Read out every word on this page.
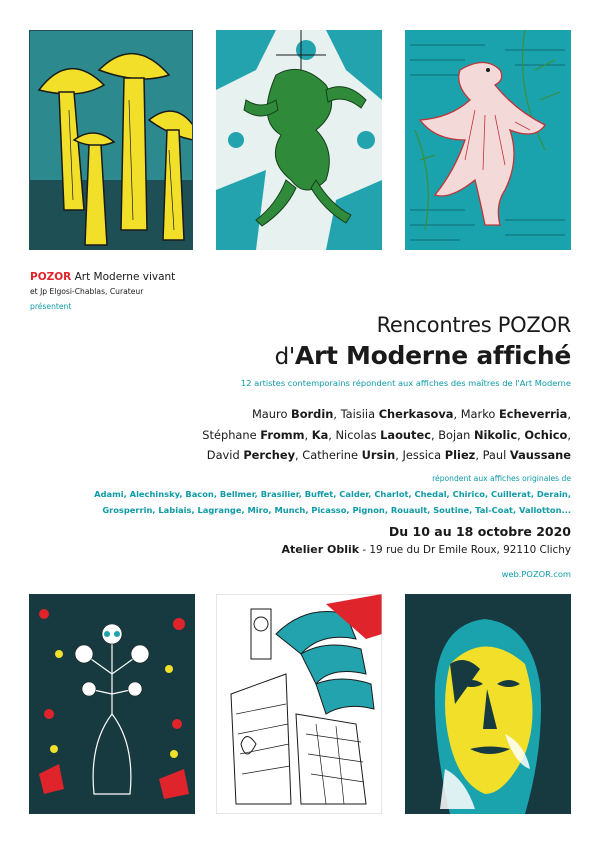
POZOR Art Moderne vivant
et Jp Elgosi-Chablas, Curateur
présentent
Rencontres POZOR
d'Art Moderne affiché
12 artistes contemporains répondent aux affiches des maîtres de l'Art Moderne
Mauro Bordin, Taisiia Cherkasova, Marko Echeverria,
Stéphane Fromm, Ka, Nicolas Laoutec, Bojan Nikolic, Ochico,
David Perchey, Catherine Ursin, Jessica Pliez, Paul Vaussane
répondent aux affiches originales de
Adami, Alechinsky, Bacon, Bellmer, Brasilier, Buffet, Calder, Charlot, Chedal, Chirico, Cuillerat, Derain,
Grosperrin, Labiais, Lagrange, Miro, Munch, Picasso, Pignon, Rouault, Soutine, Tal-Coat, Vallotton...
Du 10 au 18 octobre 2020
Atelier Oblik - 19 rue du Dr Emile Roux, 92110 Clichy
web.POZOR.com
